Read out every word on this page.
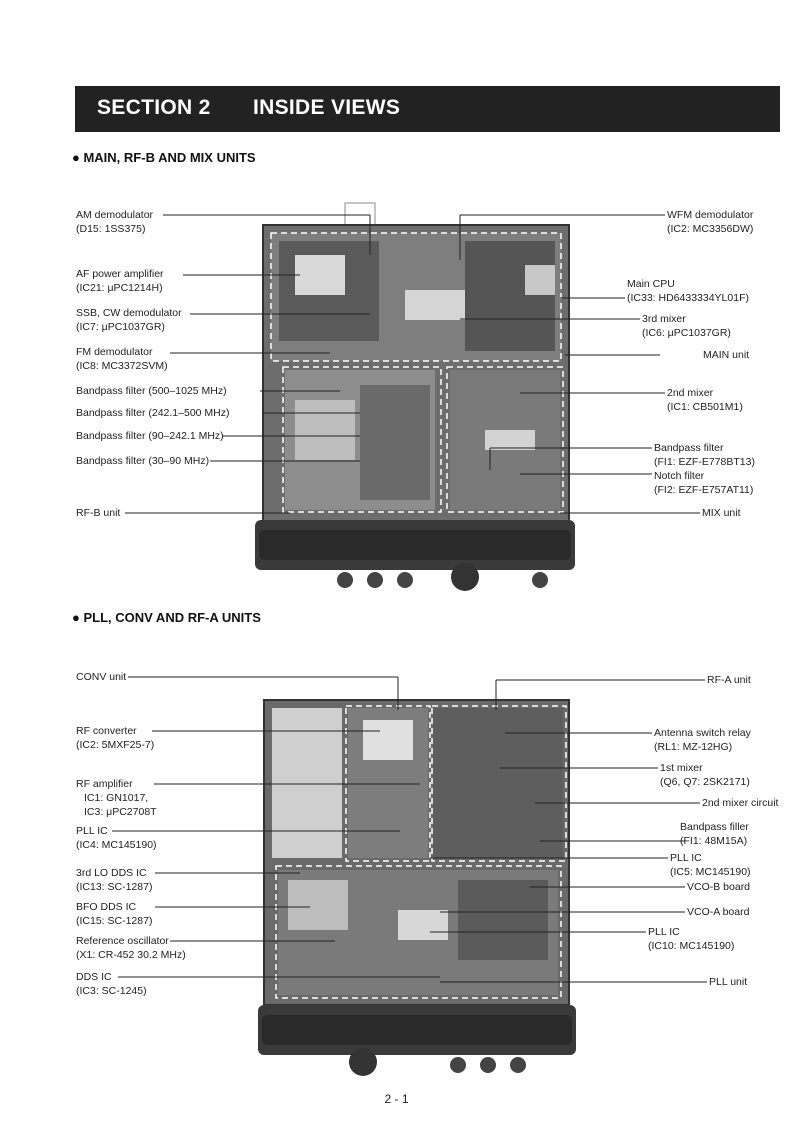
SECTION 2 INSIDE VIEWS
● MAIN, RF-B AND MIX UNITS
● PLL, CONV AND RF-A UNITS
AM demodulator
(D15: 1SS375)
AF power amplifier
(IC21: μPC1214H)
SSB, CW demodulator
(IC7: μPC1037GR)
FM demodulator
(IC8: MC3372SVM)
Bandpass filter (500–1025 MHz)
Bandpass filter (242.1–500 MHz)
Bandpass filter (90–242.1 MHz)
Bandpass filter (30–90 MHz)
RF-B unit
WFM demodulator
(IC2: MC3356DW)
Main CPU
(IC33: HD6433334YL01F)
3rd mixer
(IC6: μPC1037GR)
MAIN unit
2nd mixer
(IC1: CB501M1)
Bandpass filter
(FI1: EZF-E778BT13)
Notch filter
(FI2: EZF-E757AT11)
MIX unit
CONV unit
RF converter
(IC2: 5MXF25-7)
RF amplifier
IC1: GN1017,
IC3: μPC2708T
PLL IC
(IC4: MC145190)
3rd LO DDS IC
(IC13: SC-1287)
BFO DDS IC
(IC15: SC-1287)
Reference oscillator
(X1: CR-452 30.2 MHz)
DDS IC
(IC3: SC-1245)
RF-A unit
Antenna switch relay
(RL1: MZ-12HG)
1st mixer
(Q6, Q7: 2SK2171)
2nd mixer circuit
Bandpass filler
(FI1: 48M15A)
PLL IC
(IC5: MC145190)
VCO-B board
VCO-A board
PLL IC
(IC10: MC145190)
PLL unit
2 - 1
